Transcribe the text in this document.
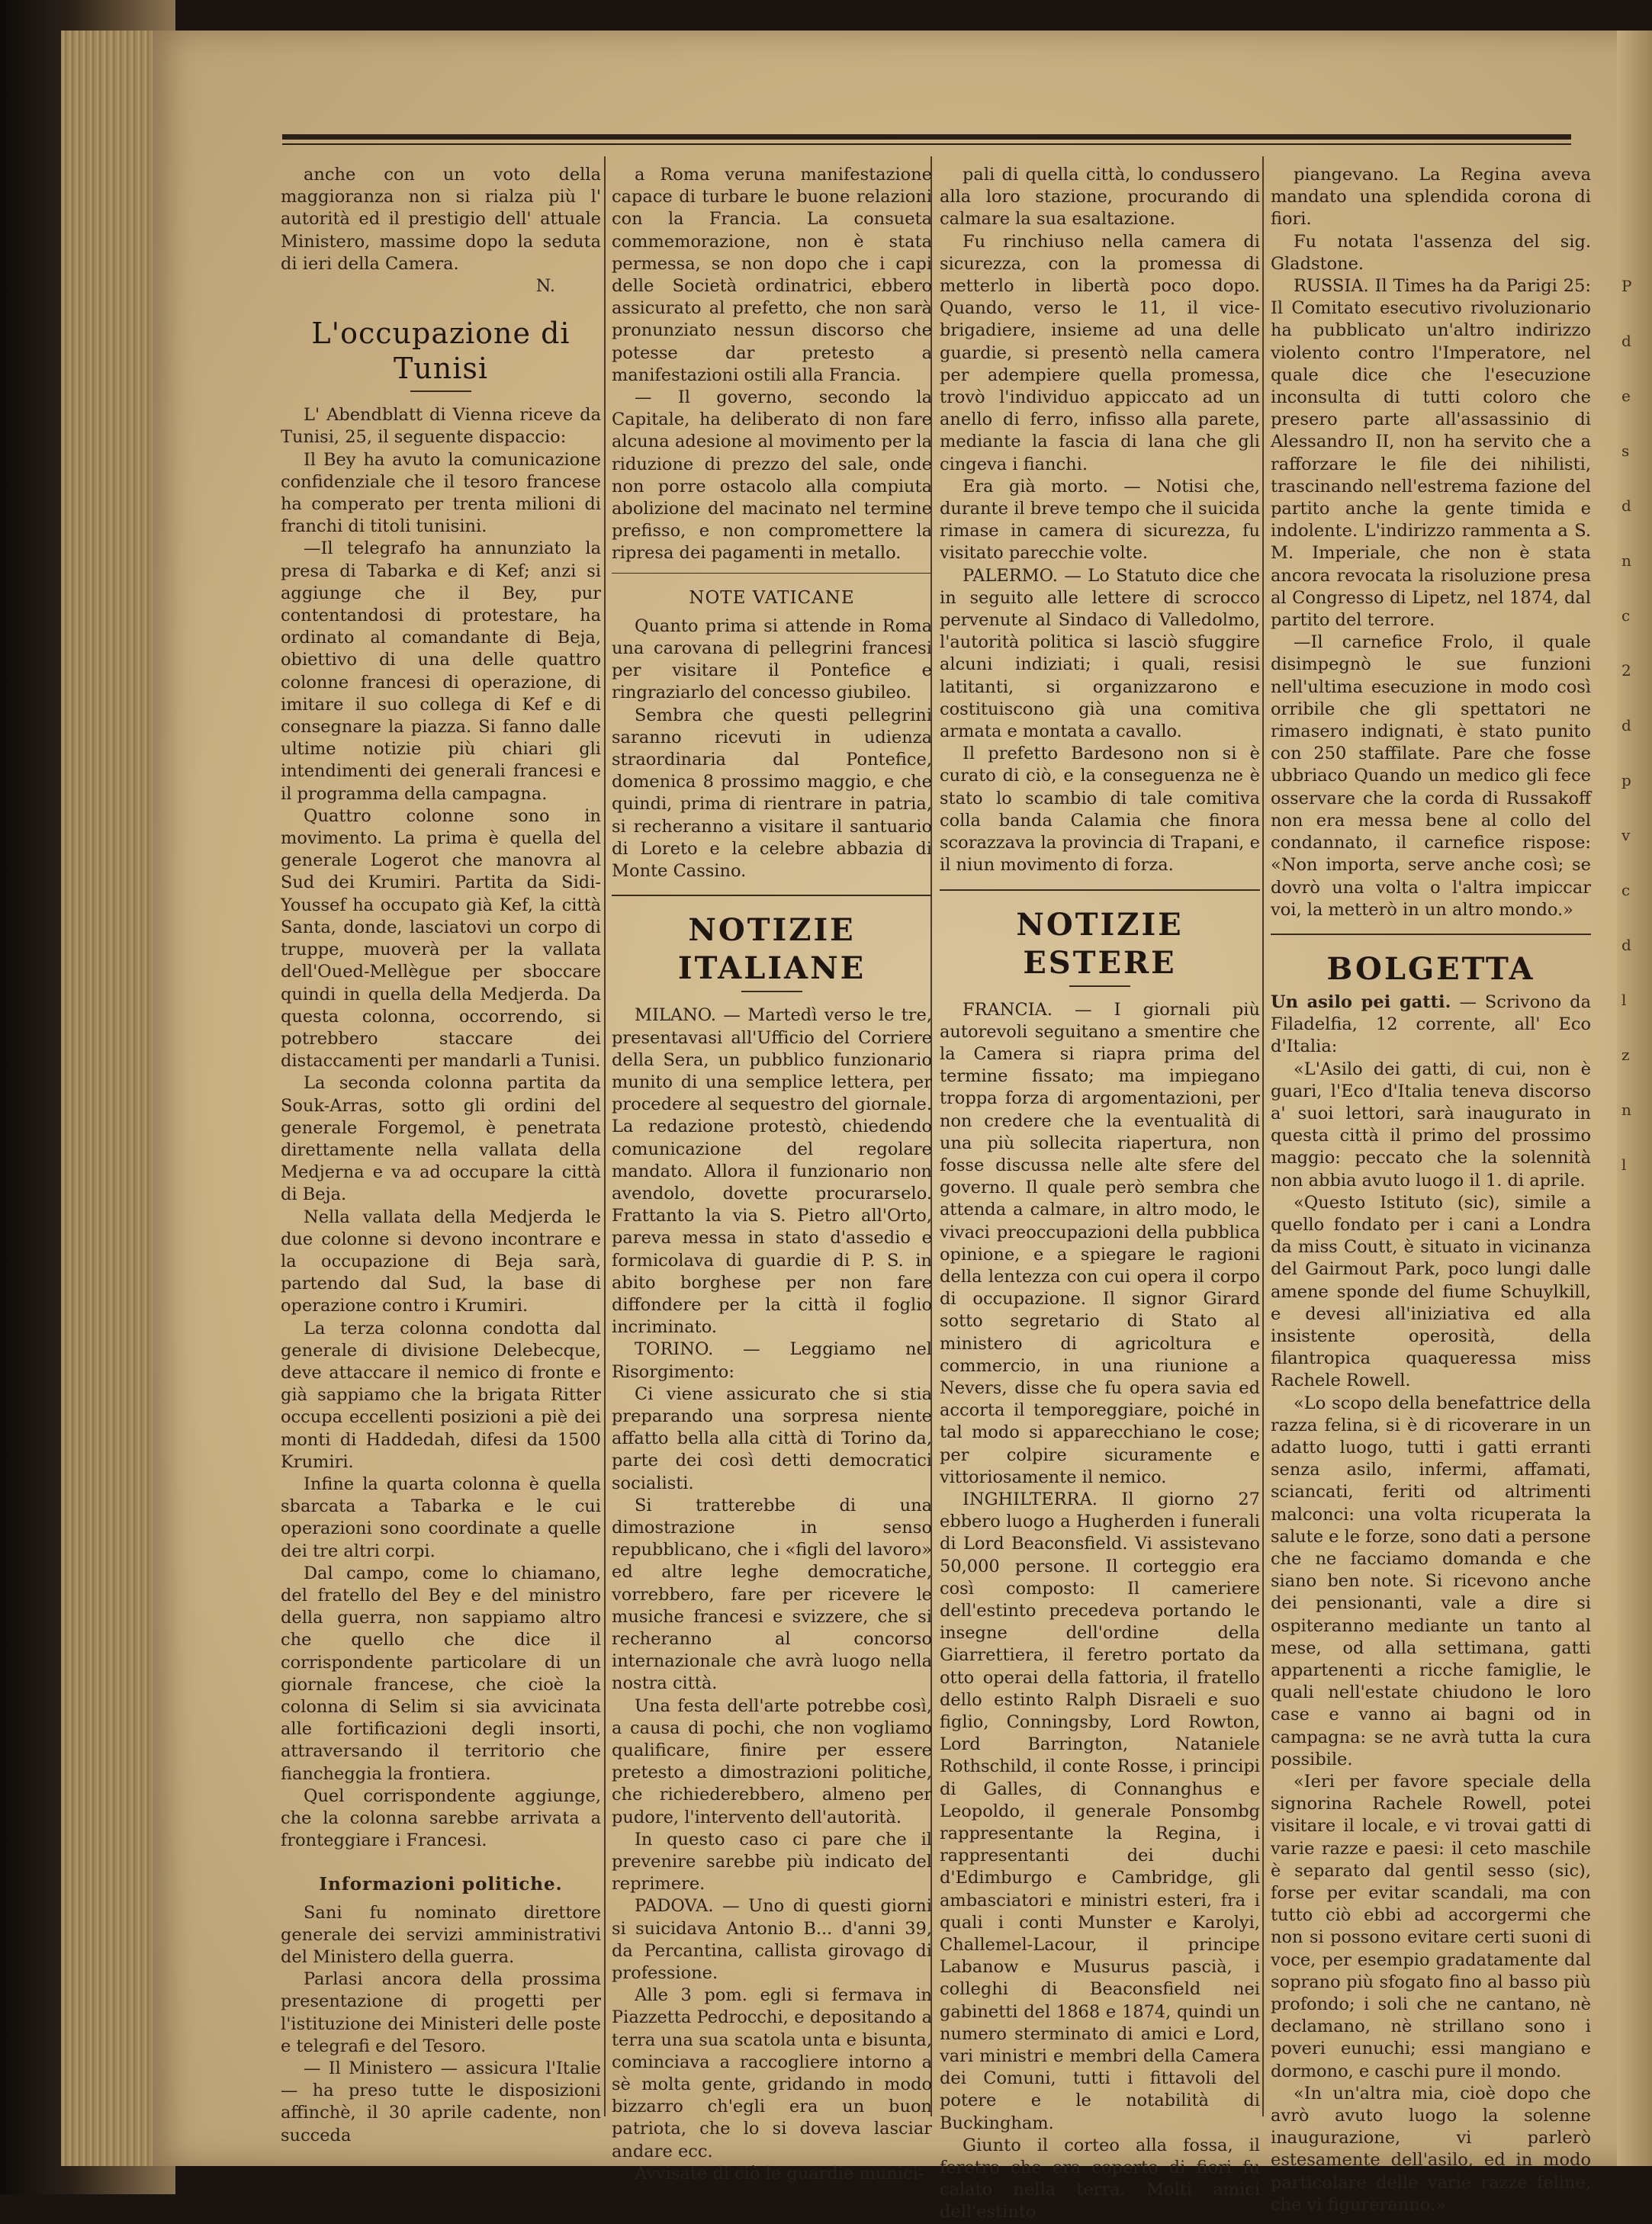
P
d
e
s
d
n
c
2
d
p
v
c
d
l
z
n
l

anche con un voto della maggioranza non si rialza più l' autorità ed il prestigio dell' attuale Ministero, massime dopo la seduta di ieri della Camera.

N.

L'occupazione di Tunisi

L' Abendblatt di Vienna riceve da Tunisi, 25, il seguente dispaccio:

Il Bey ha avuto la comunicazione confidenziale che il tesoro francese ha comperato per trenta milioni di franchi di titoli tunisini.

—Il telegrafo ha annunziato la presa di Tabarka e di Kef; anzi si aggiunge che il Bey, pur contentandosi di protestare, ha ordinato al comandante di Beja, obiettivo di una delle quattro colonne francesi di operazione, di imitare il suo collega di Kef e di consegnare la piazza. Si fanno dalle ultime notizie più chiari gli intendimenti dei generali francesi e il programma della campagna.

Quattro colonne sono in movimento. La prima è quella del generale Logerot che manovra al Sud dei Krumiri. Partita da Sidi-Youssef ha occupato già Kef, la città Santa, donde, lasciatovi un corpo di truppe, muoverà per la vallata dell'Oued-Mellègue per sboccare quindi in quella della Medjerda. Da questa colonna, occorrendo, si potrebbero staccare dei distaccamenti per mandarli a Tunisi.

La seconda colonna partita da Souk-Arras, sotto gli ordini del generale Forgemol, è penetrata direttamente nella vallata della Medjerna e va ad occupare la città di Beja.

Nella vallata della Medjerda le due colonne si devono incontrare e la occupazione di Beja sarà, partendo dal Sud, la base di operazione contro i Krumiri.

La terza colonna condotta dal generale di divisione Delebecque, deve attaccare il nemico di fronte e già sappiamo che la brigata Ritter occupa eccellenti posizioni a piè dei monti di Haddedah, difesi da 1500 Krumiri.

Infine la quarta colonna è quella sbarcata a Tabarka e le cui operazioni sono coordinate a quelle dei tre altri corpi.

Dal campo, come lo chiamano, del fratello del Bey e del ministro della guerra, non sappiamo altro che quello che dice il corrispondente particolare di un giornale francese, che cioè la colonna di Selim si sia avvicinata alle fortificazioni degli insorti, attraversando il territorio che fiancheggia la frontiera.

Quel corrispondente aggiunge, che la colonna sarebbe arrivata a fronteggiare i Francesi.

Informazioni politiche.

Sani fu nominato direttore generale dei servizi amministrativi del Ministero della guerra.

Parlasi ancora della prossima presentazione di progetti per l'istituzione dei Ministeri delle poste e telegrafi e del Tesoro.

— Il Ministero — assicura l'Italie — ha preso tutte le disposizioni affinchè, il 30 aprile cadente, non succeda

a Roma veruna manifestazione capace di turbare le buone relazioni con la Francia. La consueta commemorazione, non è stata permessa, se non dopo che i capi delle Società ordinatrici, ebbero assicurato al prefetto, che non sarà pronunziato nessun discorso che potesse dar pretesto a manifestazioni ostili alla Francia.

— Il governo, secondo la Capitale, ha deliberato di non fare alcuna adesione al movimento per la riduzione di prezzo del sale, onde non porre ostacolo alla compiuta abolizione del macinato nel termine prefisso, e non compromettere la ripresa dei pagamenti in metallo.

NOTE VATICANE

Quanto prima si attende in Roma una carovana di pellegrini francesi per visitare il Pontefice e ringraziarlo del concesso giubileo.

Sembra che questi pellegrini saranno ricevuti in udienza straordinaria dal Pontefice, domenica 8 prossimo maggio, e che quindi, prima di rientrare in patria, si recheranno a visitare il santuario di Loreto e la celebre abbazia di Monte Cassino.

NOTIZIE ITALIANE

MILANO. — Martedì verso le tre, presentavasi all'Ufficio del Corriere della Sera, un pubblico funzionario munito di una semplice lettera, per procedere al sequestro del giornale. La redazione protestò, chiedendo comunicazione del regolare mandato. Allora il funzionario non avendolo, dovette procurarselo. Frattanto la via S. Pietro all'Orto, pareva messa in stato d'assedio e formicolava di guardie di P. S. in abito borghese per non fare diffondere per la città il foglio incriminato.

TORINO. — Leggiamo nel Risorgimento:

Ci viene assicurato che si stia preparando una sorpresa niente affatto bella alla città di Torino da, parte dei così detti democratici socialisti.

Si tratterebbe di una dimostrazione in senso repubblicano, che i «figli del lavoro» ed altre leghe democratiche, vorrebbero, fare per ricevere le musiche francesi e svizzere, che si recheranno al concorso internazionale che avrà luogo nella nostra città.

Una festa dell'arte potrebbe così, a causa di pochi, che non vogliamo qualificare, finire per essere pretesto a dimostrazioni politiche, che richiederebbero, almeno per pudore, l'intervento dell'autorità.

In questo caso ci pare che il prevenire sarebbe più indicato del reprimere.

PADOVA. — Uno di questi giorni si suicidava Antonio B... d'anni 39, da Percantina, callista girovago di professione.

Alle 3 pom. egli si fermava in Piazzetta Pedrocchi, e depositando a terra una sua scatola unta e bisunta, cominciava a raccogliere intorno a sè molta gente, gridando in modo bizzarro ch'egli era un buon patriota, che lo si doveva lasciar andare ecc.

Avvisate di ciò le guardie munici-

pali di quella città, lo condussero alla loro stazione, procurando di calmare la sua esaltazione.

Fu rinchiuso nella camera di sicurezza, con la promessa di metterlo in libertà poco dopo. Quando, verso le 11, il vice-brigadiere, insieme ad una delle guardie, si presentò nella camera per adempiere quella promessa, trovò l'individuo appiccato ad un anello di ferro, infisso alla parete, mediante la fascia di lana che gli cingeva i fianchi.

Era già morto. — Notisi che, durante il breve tempo che il suicida rimase in camera di sicurezza, fu visitato parecchie volte.

PALERMO. — Lo Statuto dice che in seguito alle lettere di scrocco pervenute al Sindaco di Valledolmo, l'autorità politica si lasciò sfuggire alcuni indiziati; i quali, resisi latitanti, si organizzarono e costituiscono già una comitiva armata e montata a cavallo.

Il prefetto Bardesono non si è curato di ciò, e la conseguenza ne è stato lo scambio di tale comitiva colla banda Calamia che finora scorazzava la provincia di Trapani, e il niun movimento di forza.

NOTIZIE ESTERE

FRANCIA. — I giornali più autorevoli seguitano a smentire che la Camera si riapra prima del termine fissato; ma impiegano troppa forza di argomentazioni, per non credere che la eventualità di una più sollecita riapertura, non fosse discussa nelle alte sfere del governo. Il quale però sembra che attenda a calmare, in altro modo, le vivaci preoccupazioni della pubblica opinione, e a spiegare le ragioni della lentezza con cui opera il corpo di occupazione. Il signor Girard sotto segretario di Stato al ministero di agricoltura e commercio, in una riunione a Nevers, disse che fu opera savia ed accorta il temporeggiare, poiché in tal modo si apparecchiano le cose; per colpire sicuramente e vittoriosamente il nemico.

INGHILTERRA. Il giorno 27 ebbero luogo a Hugherden i funerali di Lord Beaconsfield. Vi assistevano 50,000 persone. Il corteggio era così composto: Il cameriere dell'estinto precedeva portando le insegne dell'ordine della Giarrettiera, il feretro portato da otto operai della fattoria, il fratello dello estinto Ralph Disraeli e suo figlio, Conningsby, Lord Rowton, Lord Barrington, Nataniele Rothschild, il conte Rosse, i principi di Galles, di Connanghus e Leopoldo, il generale Ponsombg rappresentante la Regina, i rappresentanti dei duchi d'Edimburgo e Cambridge, gli ambasciatori e ministri esteri, fra i quali i conti Munster e Karolyi, Challemel-Lacour, il principe Labanow e Musurus pascià, i colleghi di Beaconsfield nei gabinetti del 1868 e 1874, quindi un numero sterminato di amici e Lord, vari ministri e membri della Camera dei Comuni, tutti i fittavoli del potere e le notabilità di Buckingham.

Giunto il corteo alla fossa, il feretro che era coperto di fiori fu calato nella terra. Molti amici dell'estinto

piangevano. La Regina aveva mandato una splendida corona di fiori.

Fu notata l'assenza del sig. Gladstone.

RUSSIA. Il Times ha da Parigi 25: Il Comitato esecutivo rivoluzionario ha pubblicato un'altro indirizzo violento contro l'Imperatore, nel quale dice che l'esecuzione inconsulta di tutti coloro che presero parte all'assassinio di Alessandro II, non ha servito che a rafforzare le file dei nihilisti, trascinando nell'estrema fazione del partito anche la gente timida e indolente. L'indirizzo rammenta a S. M. Imperiale, che non è stata ancora revocata la risoluzione presa al Congresso di Lipetz, nel 1874, dal partito del terrore.

—Il carnefice Frolo, il quale disimpegnò le sue funzioni nell'ultima esecuzione in modo così orribile che gli spettatori ne rimasero indignati, è stato punito con 250 staffilate. Pare che fosse ubbriaco Quando un medico gli fece osservare che la corda di Russakoff non era messa bene al collo del condannato, il carnefice rispose: «Non importa, serve anche così; se dovrò una volta o l'altra impiccar voi, la metterò in un altro mondo.»

BOLGETTA

Un asilo pei gatti. — Scrivono da Filadelfia, 12 corrente, all' Eco d'Italia:

«L'Asilo dei gatti, di cui, non è guari, l'Eco d'Italia teneva discorso a' suoi lettori, sarà inaugurato in questa città il primo del prossimo maggio: peccato che la solennità non abbia avuto luogo il 1. di aprile.

«Questo Istituto (sic), simile a quello fondato per i cani a Londra da miss Coutt, è situato in vicinanza del Gairmout Park, poco lungi dalle amene sponde del fiume Schuylkill, e devesi all'iniziativa ed alla insistente operosità, della filantropica quaqueressa miss Rachele Rowell.

«Lo scopo della benefattrice della razza felina, si è di ricoverare in un adatto luogo, tutti i gatti erranti senza asilo, infermi, affamati, sciancati, feriti od altrimenti malconci: una volta ricuperata la salute e le forze, sono dati a persone che ne facciamo domanda e che siano ben note. Si ricevono anche dei pensionanti, vale a dire si ospiteranno mediante un tanto al mese, od alla settimana, gatti appartenenti a ricche famiglie, le quali nell'estate chiudono le loro case e vanno ai bagni od in campagna: se ne avrà tutta la cura possibile.

«Ieri per favore speciale della signorina Rachele Rowell, potei visitare il locale, e vi trovai gatti di varie razze e paesi: il ceto maschile è separato dal gentil sesso (sic), forse per evitar scandali, ma con tutto ciò ebbi ad accorgermi che non si possono evitare certi suoni di voce, per esempio gradatamente dal soprano più sfogato fino al basso più profondo; i soli che ne cantano, nè declamano, nè strillano sono i poveri eunuchi; essi mangiano e dormono, e caschi pure il mondo.

«In un'altra mia, cioè dopo che avrò avuto luogo la solenne inaugurazione, vi parlerò estesamente dell'asilo, ed in modo particolare delle varie razze feline, che vi figureranno.»
